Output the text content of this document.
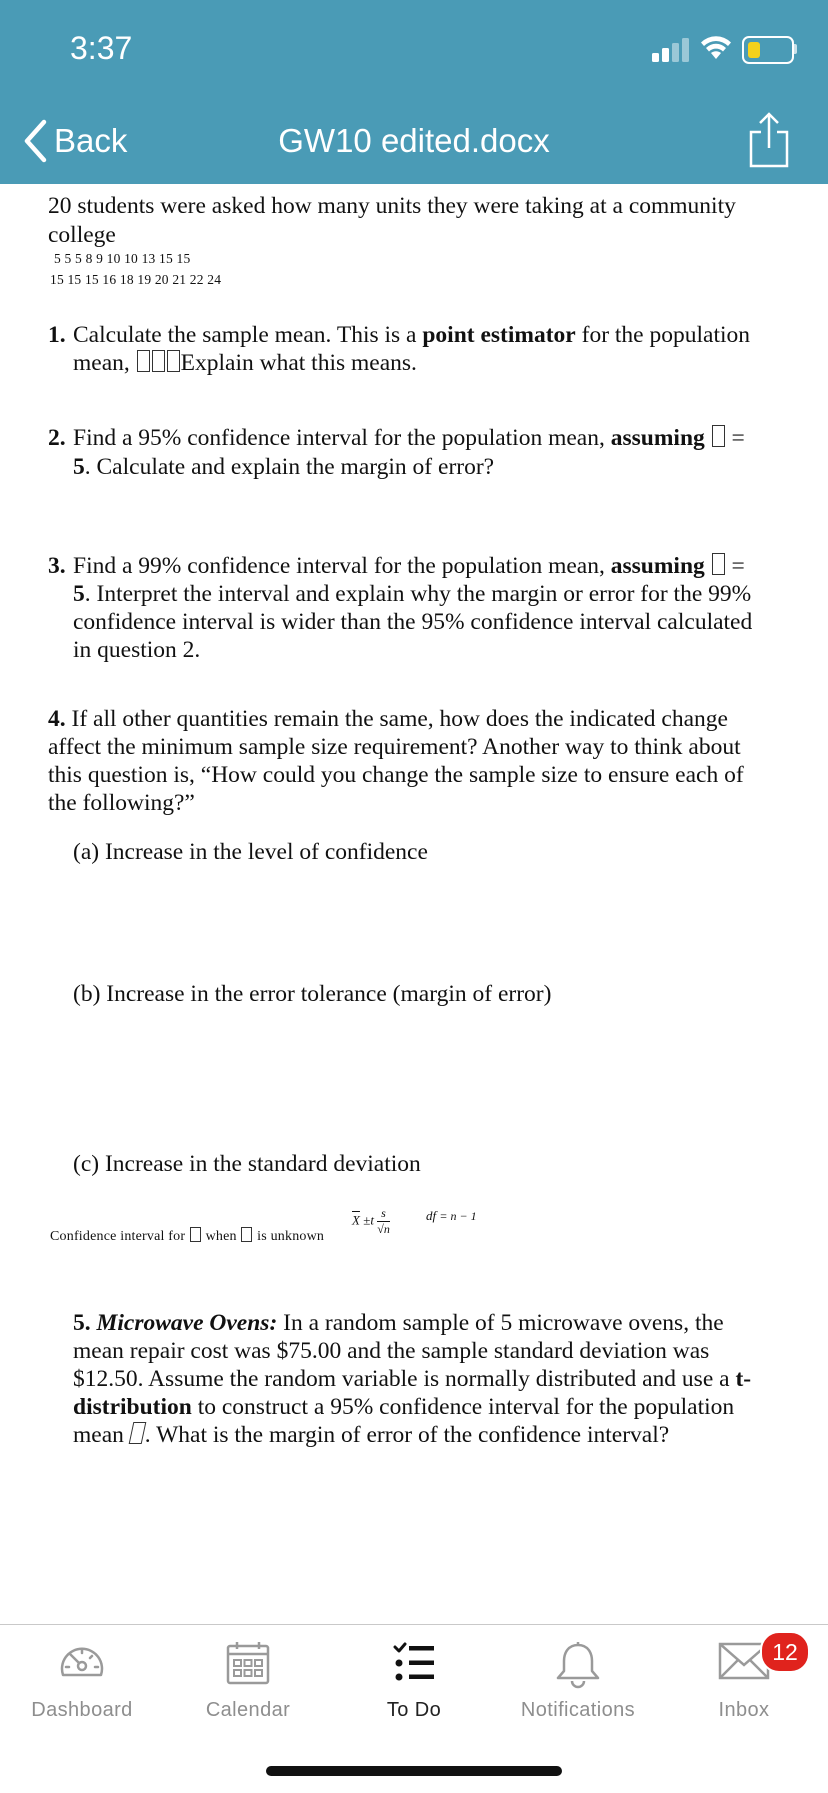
3:37
GW10 edited.docx
Back

20 students were asked how many units they were taking at a community college

5 5 5 8 9 10 10 13 15 15
15 15 15 16 18 19 20 21 22 24
1. Calculate the sample mean. This is a point estimator for the population
mean, Explain what this means.
2. Find a 95% confidence interval for the population mean, assuming =
5. Calculate and explain the margin of error?
3. Find a 99% confidence interval for the population mean, assuming =
5. Interpret the interval and explain why the margin or error for the 99%
confidence interval is wider than the 95% confidence interval calculated
in question 2.
4. If all other quantities remain the same, how does the indicated change
affect the minimum sample size requirement? Another way to think about
this question is, “How could you change the sample size to ensure each of
the following?”
(a) Increase in the level of confidence
(b) Increase in the error tolerance (margin of error)
(c) Increase in the standard deviation
Confidence interval for when is unknown
$\overline{X} \pm t \frac{s}{√n}$	df = n − 1
5. Microwave Ovens: In a random sample of 5 microwave ovens, the
mean repair cost was $75.00 and the sample standard deviation was
$12.50. Assume the random variable is normally distributed and use a t-
distribution to construct a 95% confidence interval for the population
mean . What is the margin of error of the confidence interval?
Dashboard	Calendar	To Do	Notifications	Inbox
12
